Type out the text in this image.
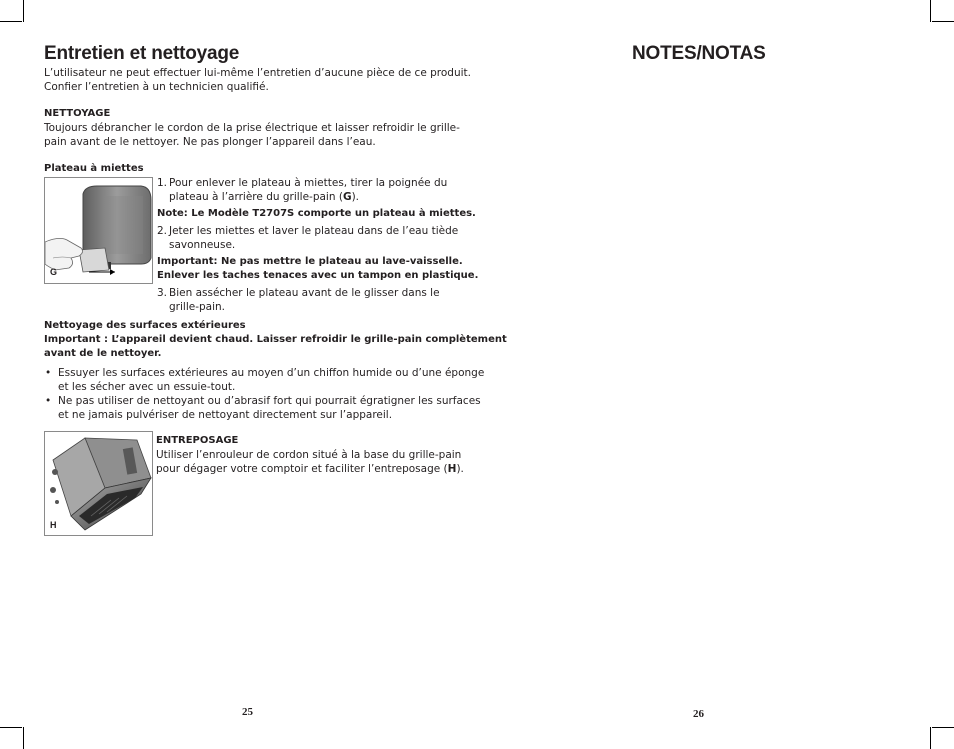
Entretien et nettoyage

L’utilisateur ne peut effectuer lui-même l’entretien d’aucune pièce de ce produit.

Confier l’entretien à un technicien qualifié.

NETTOYAGE

Toujours débrancher le cordon de la prise électrique et laisser refroidir le grille-

pain avant de le nettoyer. Ne pas plonger l’appareil dans l’eau.

Plateau à miettes

G
1. Pour enlever le plateau à miettes, tirer la poignée du

plateau à l’arrière du grille-pain (G).

Note: Le Modèle T2707S comporte un plateau à miettes.

2. Jeter les miettes et laver le plateau dans de l’eau tiède

savonneuse.

Important: Ne pas mettre le plateau au lave-vaisselle.

Enlever les taches tenaces avec un tampon en plastique.

3. Bien assécher le plateau avant de le glisser dans le

grille-pain.

Nettoyage des surfaces extérieures

Important : L’appareil devient chaud. Laisser refroidir le grille-pain complètement

avant de le nettoyer.

• Essuyer les surfaces extérieures au moyen d’un chiffon humide ou d’une éponge

et les sécher avec un essuie-tout.

• Ne pas utiliser de nettoyant ou d’abrasif fort qui pourrait égratigner les surfaces

et ne jamais pulvériser de nettoyant directement sur l’appareil.

H

ENTREPOSAGE

Utiliser l’enrouleur de cordon situé à la base du grille-pain

pour dégager votre comptoir et faciliter l’entreposage (H).

25
NOTES/NOTAS
26
